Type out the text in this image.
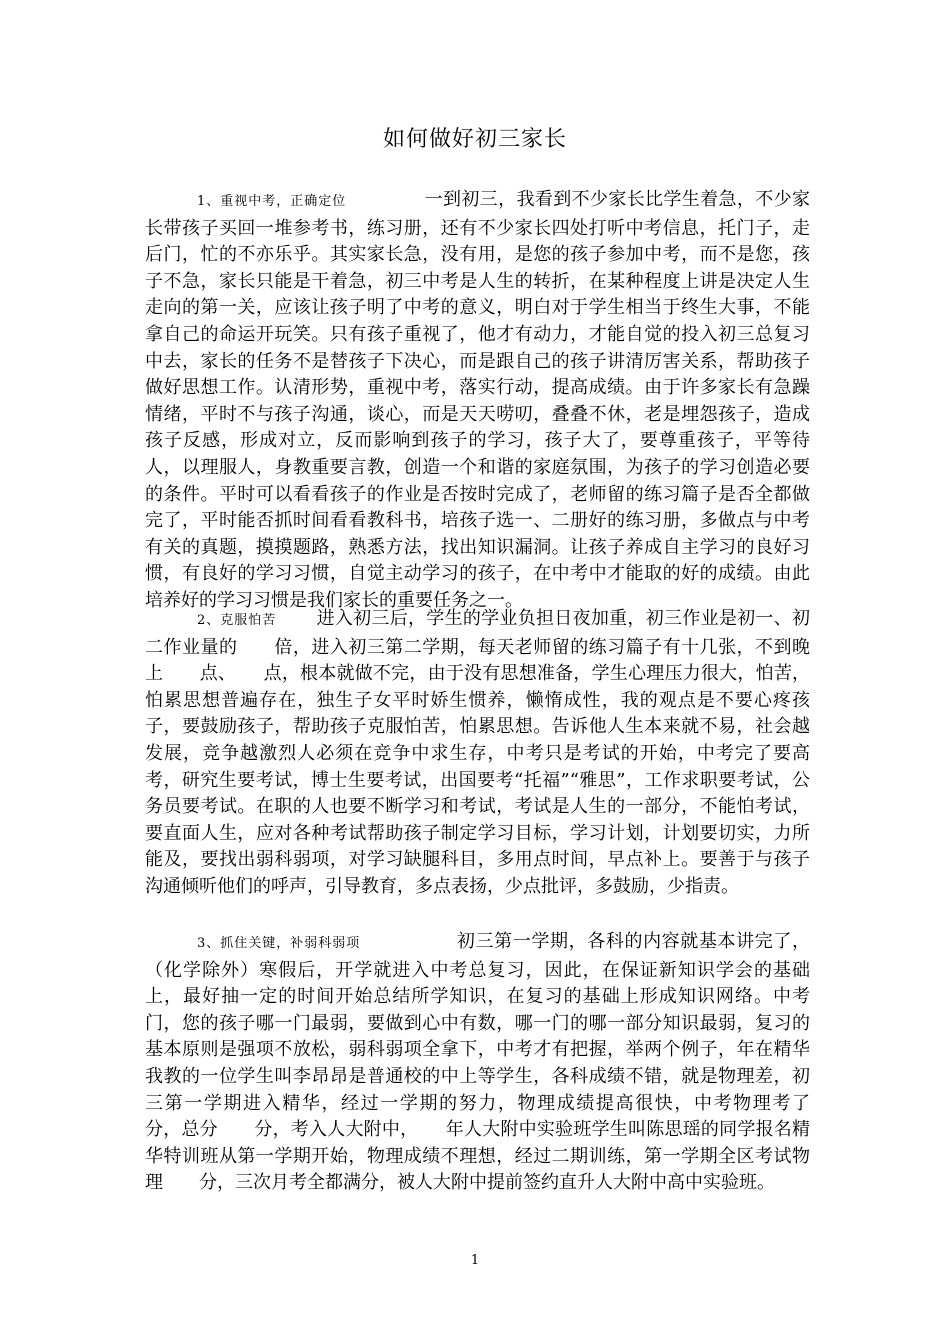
如何做好初三家长

1、重视中考，正确定位	一到初三，我看到不少家长比学生着急，不少家长带孩子买回一堆参考书，练习册，还有不少家长四处打听中考信息，托门子，走后门，忙的不亦乐乎。其实家长急，没有用，是您的孩子参加中考，而不是您，孩子不急，家长只能是干着急，初三中考是人生的转折，在某种程度上讲是决定人生走向的第一关，应该让孩子明了中考的意义，明白对于学生相当于终生大事，不能拿自己的命运开玩笑。只有孩子重视了，他才有动力，才能自觉的投入初三总复习中去，家长的任务不是替孩子下决心，而是跟自己的孩子讲清厉害关系，帮助孩子做好思想工作。认清形势，重视中考，落实行动，提高成绩。由于许多家长有急躁情绪，平时不与孩子沟通，谈心，而是天天唠叨，叠叠不休，老是埋怨孩子，造成孩子反感，形成对立，反而影响到孩子的学习，孩子大了，要尊重孩子，平等待人，以理服人，身教重要言教，创造一个和谐的家庭氛围，为孩子的学习创造必要的条件。平时可以看看孩子的作业是否按时完成了，老师留的练习篇子是否全都做完了，平时能否抓时间看看教科书，培孩子选一、二册好的练习册，多做点与中考有关的真题，摸摸题路，熟悉方法，找出知识漏洞。让孩子养成自主学习的良好习惯，有良好的学习习惯，自觉主动学习的孩子，在中考中才能取的好的成绩。由此培养好的学习习惯是我们家长的重要任务之一。

2、克服怕苦 进入初三后，学生的学业负担日夜加重，初三作业是初一、初二作业量的　　 倍，进入初三第二学期，每天老师留的练习篇子有十几张，不到晚上　　 点、　　 点，根本就做不完，由于没有思想准备，学生心理压力很大，怕苦，怕累思想普遍存在，独生子女平时娇生惯养，懒惰成性，我的观点是不要心疼孩子，要鼓励孩子，帮助孩子克服怕苦，怕累思想。告诉他人生本来就不易，社会越发展，竞争越激烈人必须在竞争中求生存，中考只是考试的开始，中考完了要高考，研究生要考试，博士生要考试，出国要考“托福”“雅思”，工作求职要考试，公务员要考试。在职的人也要不断学习和考试，考试是人生的一部分，不能怕考试，要直面人生，应对各种考试帮助孩子制定学习目标，学习计划，计划要切实，力所能及，要找出弱科弱项，对学习缺腿科目，多用点时间，早点补上。要善于与孩子沟通倾听他们的呼声，引导教育，多点表扬，少点批评，多鼓励，少指责。

3、抓住关键，补弱科弱项	初三第一学期，各科的内容就基本讲完了，（化学除外）寒假后，开学就进入中考总复习，因此，在保证新知识学会的基础上，最好抽一定的时间开始总结所学知识，在复习的基础上形成知识网络。中考门，您的孩子哪一门最弱，要做到心中有数，哪一门的哪一部分知识最弱，复习的基本原则是强项不放松，弱科弱项全拿下，中考才有把握，举两个例子，年在精华我教的一位学生叫李昂昂是普通校的中上等学生，各科成绩不错，就是物理差，初三第一学期进入精华，经过一学期的努力，物理成绩提高很快，中考物理考了　　分，总分　　 分，考入人大附中，　　 年人大附中实验班学生叫陈思瑶的同学报名精华特训班从第一学期开始，物理成绩不理想，经过二期训练，第一学期全区考试物理　　 分，三次月考全都满分，被人大附中提前签约直升人大附中高中实验班。

1
